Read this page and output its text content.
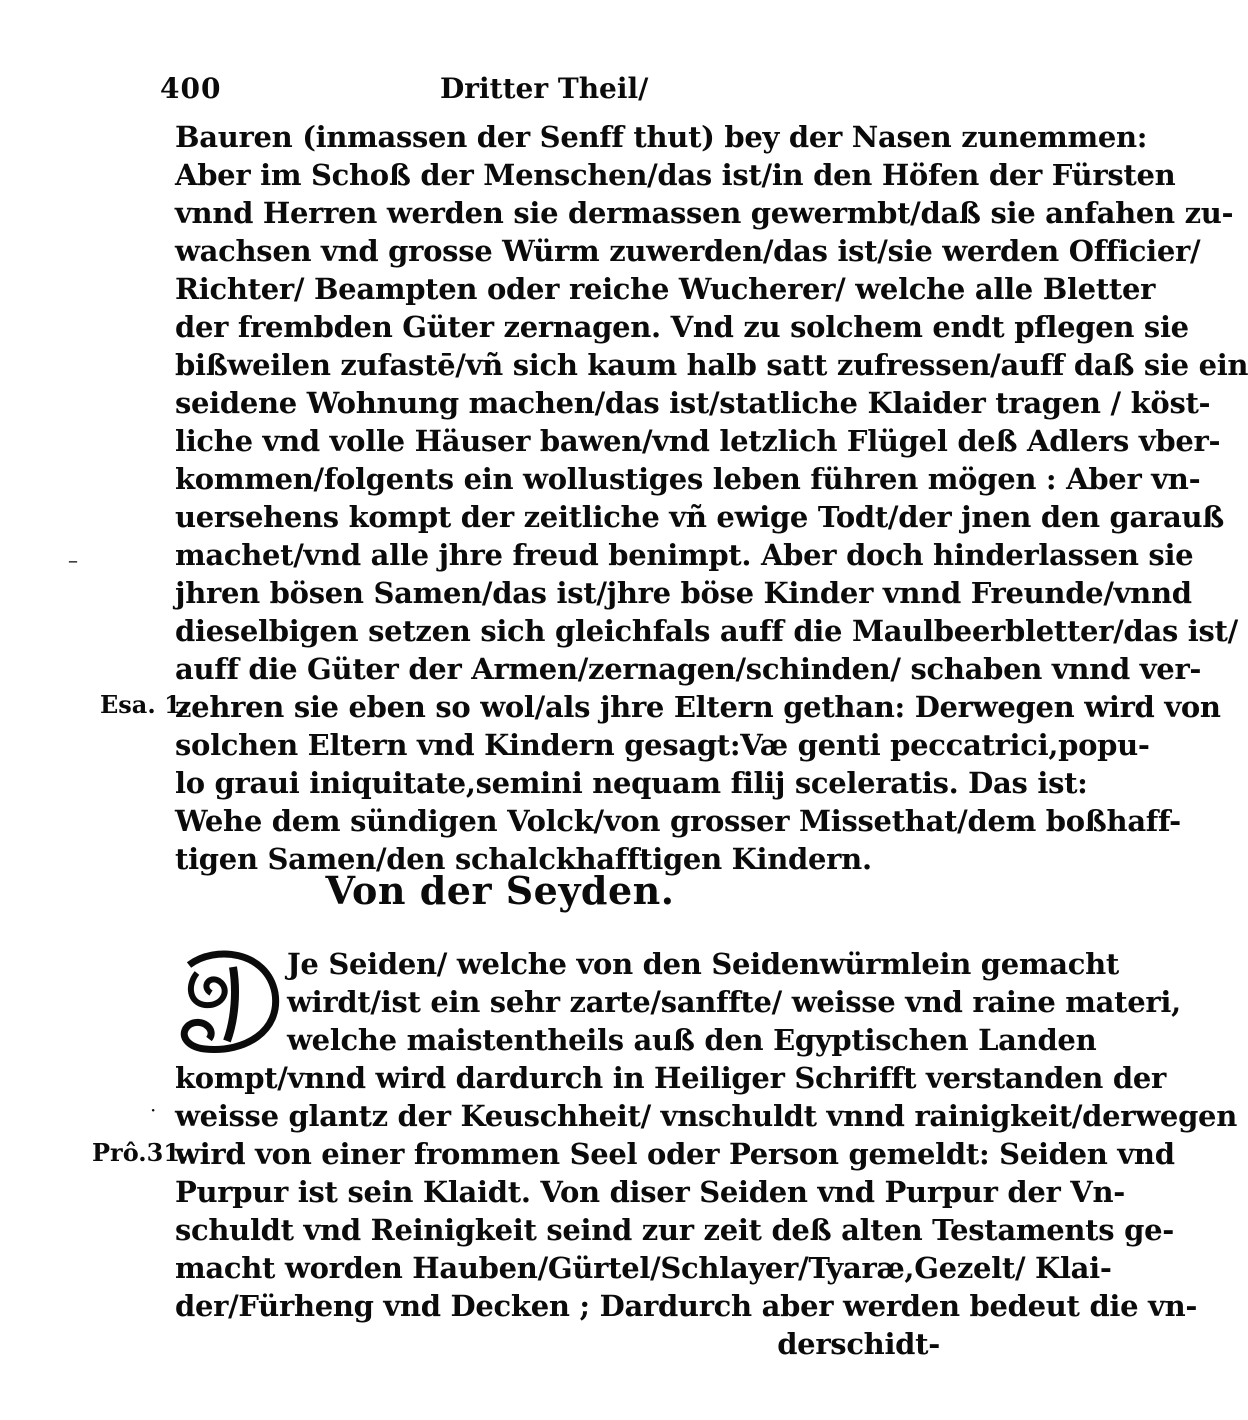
400	Dritter Theil/
Bauren (inmassen der Senff thut) bey der Nasen zunemmen:
Aber im Schoß der Menschen/das ist/in den Höfen der Fürsten
vnnd Herren werden sie dermassen gewermbt/daß sie anfahen zu-
wachsen vnd grosse Würm zuwerden/das ist/sie werden Officier/
Richter/ Beampten oder reiche Wucherer/ welche alle Bletter
der frembden Güter zernagen. Vnd zu solchem endt pflegen sie
bißweilen zufastē/vñ sich kaum halb satt zufressen/auff daß sie ein
seidene Wohnung machen/das ist/statliche Klaider tragen / köst-
liche vnd volle Häuser bawen/vnd letzlich Flügel deß Adlers vber-
kommen/folgents ein wollustiges leben führen mögen : Aber vn-
uersehens kompt der zeitliche vñ ewige Todt/der jnen den garauß
machet/vnd alle jhre freud benimpt. Aber doch hinderlassen sie
jhren bösen Samen/das ist/jhre böse Kinder vnnd Freunde/vnnd
dieselbigen setzen sich gleichfals auff die Maulbeerbletter/das ist/
auff die Güter der Armen/zernagen/schinden/ schaben vnnd ver-
zehren sie eben so wol/als jhre Eltern gethan: Derwegen wird von
solchen Eltern vnd Kindern gesagt:Væ genti peccatrici,popu-
lo graui iniquitate,semini nequam filij sceleratis. Das ist:
Wehe dem sündigen Volck/von grosser Missethat/dem boßhaff-
tigen Samen/den schalckhafftigen Kindern.
Esa. 1.
Von der Seyden.
Je Seiden/ welche von den Seidenwürmlein gemacht
wirdt/ist ein sehr zarte/sanffte/ weisse vnd raine materi,
welche maistentheils auß den Egyptischen Landen
kompt/vnnd wird dardurch in Heiliger Schrifft verstanden der
weisse glantz der Keuschheit/ vnschuldt vnnd rainigkeit/derwegen
wird von einer frommen Seel oder Person gemeldt: Seiden vnd
Purpur ist sein Klaidt. Von diser Seiden vnd Purpur der Vn-
schuldt vnd Reinigkeit seind zur zeit deß alten Testaments ge-
macht worden Hauben/Gürtel/Schlayer/Tyaræ,Gezelt/ Klai-
der/Fürheng vnd Decken ; Dardurch aber werden bedeut die vn-
derschidt-
Prô.31.
–
·
